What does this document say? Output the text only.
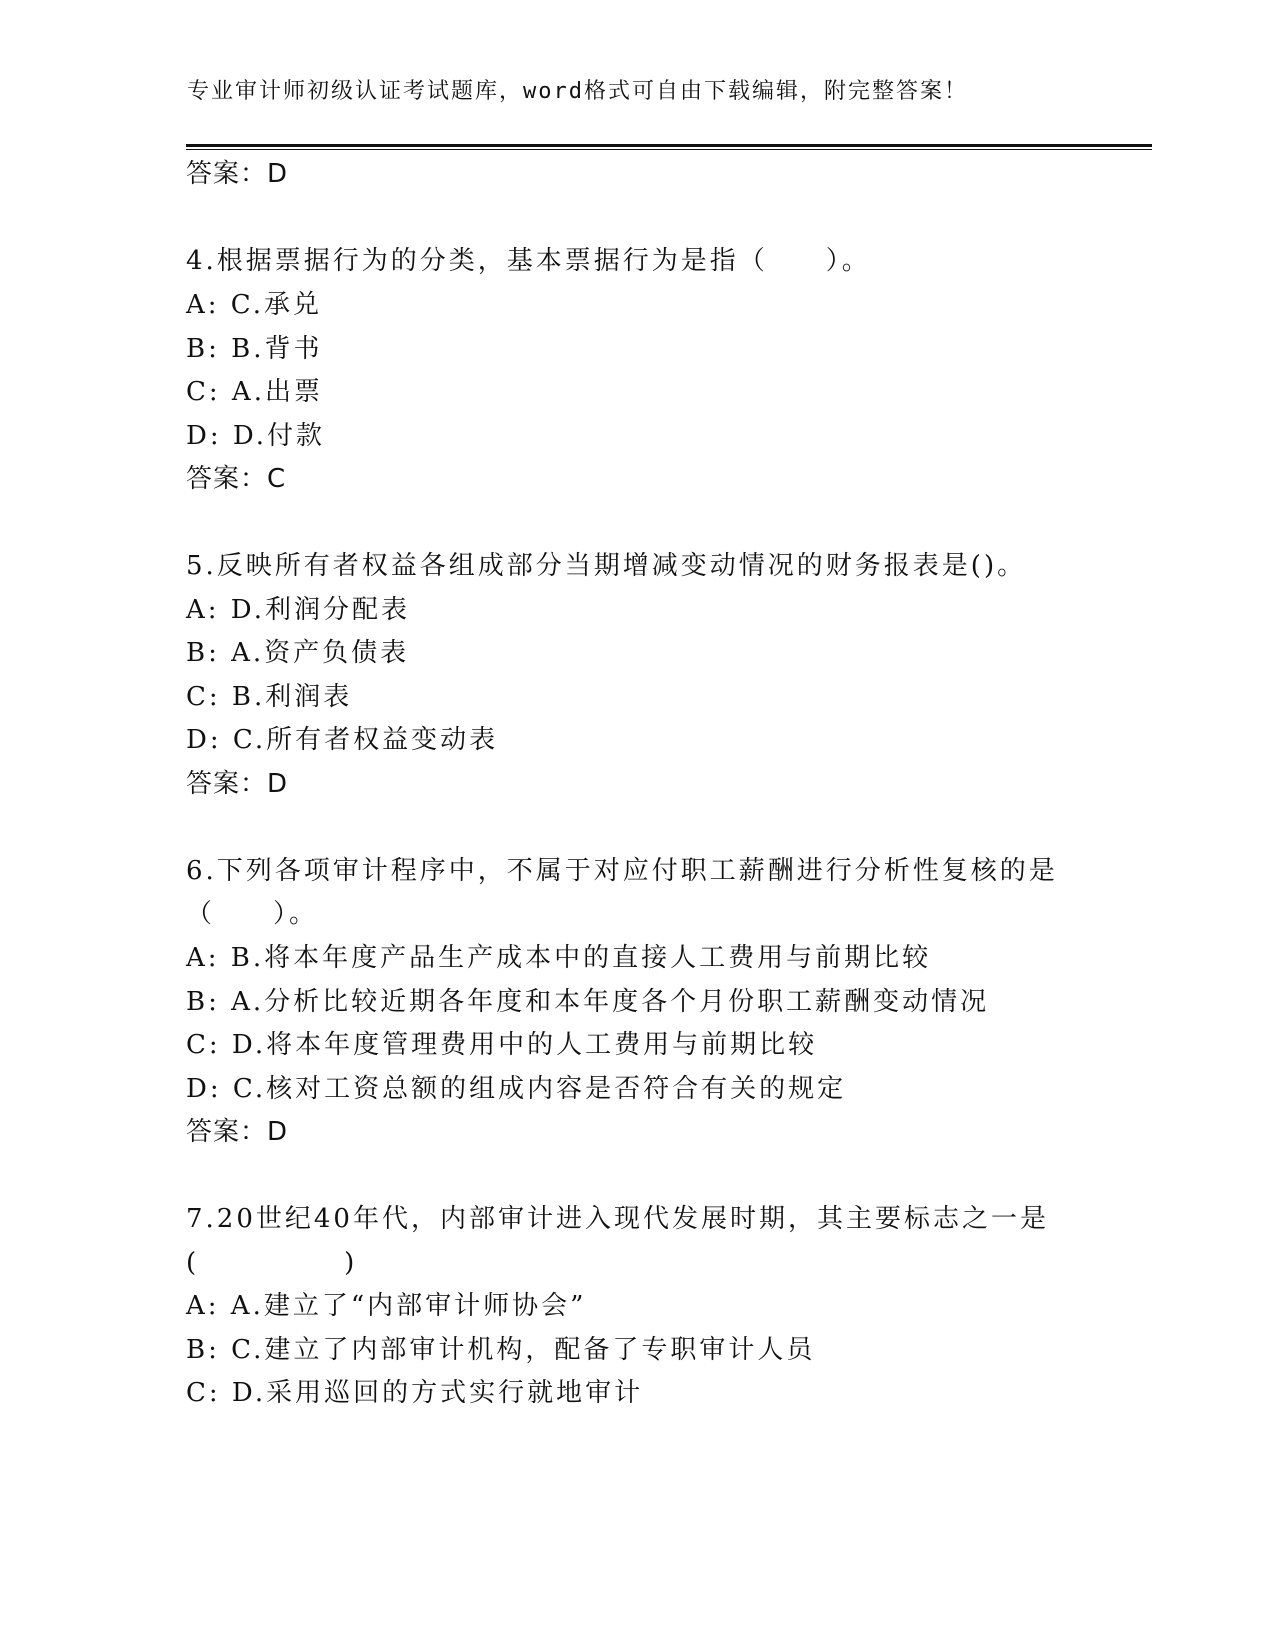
专业审计师初级认证考试题库，word格式可自由下载编辑，附完整答案！
答案：D
4.根据票据行为的分类，基本票据行为是指（　　）。
A: C.承兑
B: B.背书
C: A.出票
D: D.付款
答案：C
5.反映所有者权益各组成部分当期增减变动情况的财务报表是()。
A: D.利润分配表
B: A.资产负债表
C: B.利润表
D: C.所有者权益变动表
答案：D
6.下列各项审计程序中，不属于对应付职工薪酬进行分析性复核的是
（　　）。
A: B.将本年度产品生产成本中的直接人工费用与前期比较
B: A.分析比较近期各年度和本年度各个月份职工薪酬变动情况
C: D.将本年度管理费用中的人工费用与前期比较
D: C.核对工资总额的组成内容是否符合有关的规定
答案：D
7.20世纪40年代，内部审计进入现代发展时期，其主要标志之一是
(　　　　　)
A: A.建立了“内部审计师协会”
B: C.建立了内部审计机构，配备了专职审计人员
C: D.采用巡回的方式实行就地审计
